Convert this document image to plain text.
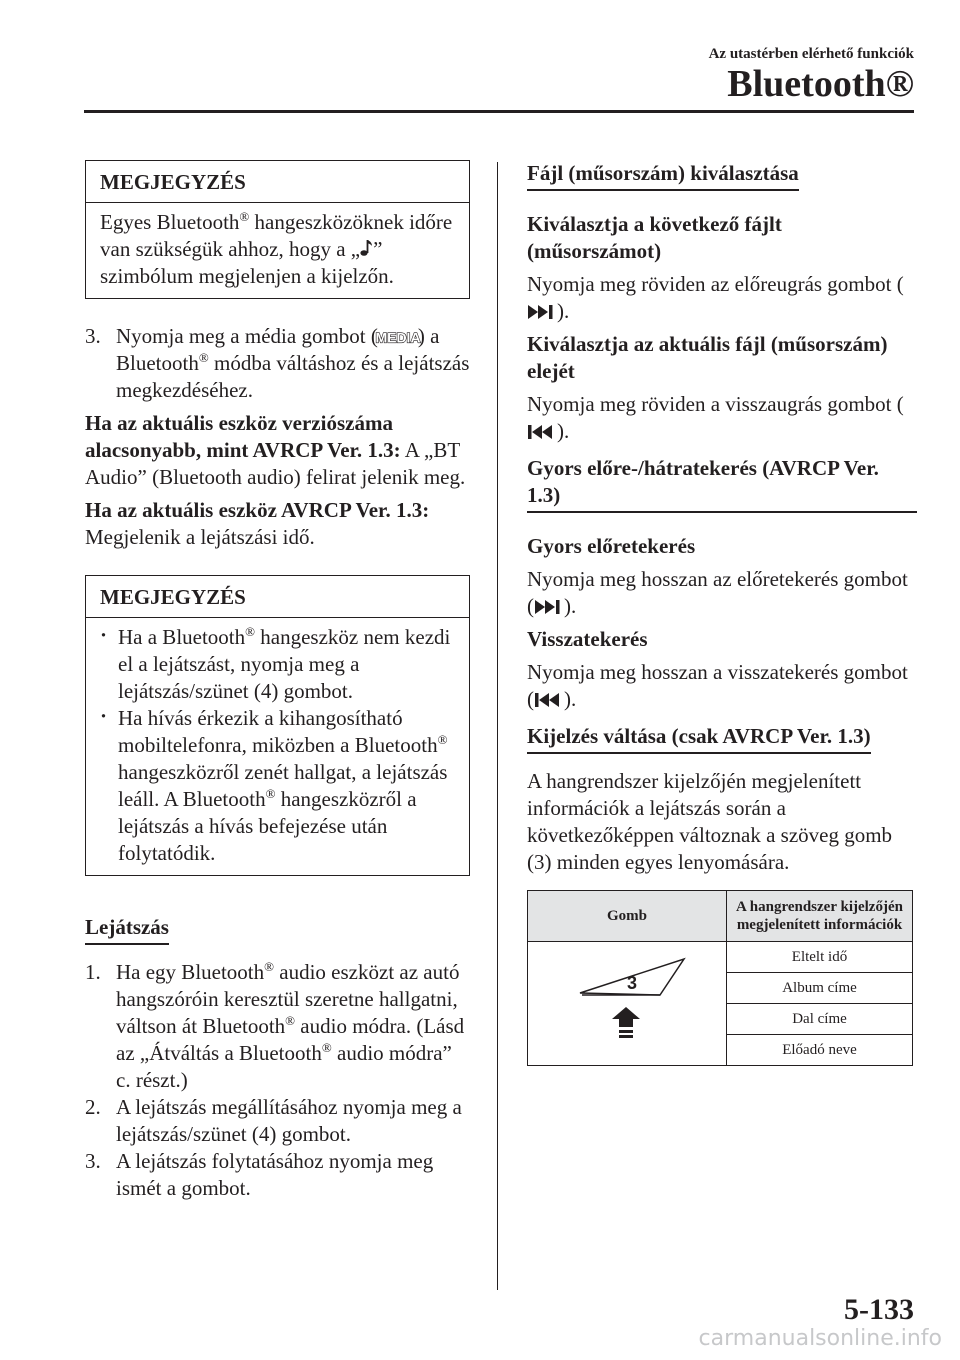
Az utastérben elérhető funkciók
Bluetooth®
MEGJEGYZÉS
Egyes Bluetooth® hangeszközöknek időre van szükségük ahhoz, hogy a „ ” szimbólum megjelenjen a kijelzőn.
3. Nyomja meg a média gombot (
MEDIA
) a Bluetooth® módba váltáshoz és a lejátszás megkezdéséhez.

Ha az aktuális eszköz verziószáma alacsonyabb, mint AVRCP Ver. 1.3: A „BT Audio” (Bluetooth audio) felirat jelenik meg.

Ha az aktuális eszköz AVRCP Ver. 1.3:
Megjelenik a lejátszási idő.

MEGJEGYZÉS
· Ha a Bluetooth® hangeszköz nem kezdi el a lejátszást, nyomja meg a lejátszás/szünet (4) gombot.
· Ha hívás érkezik a kihangosítható mobiltelefonra, miközben a Bluetooth® hangeszközről zenét hallgat, a lejátszás leáll. A Bluetooth® hangeszközről a lejátszás a hívás befejezése után folytatódik.
Lejátszás
1. Ha egy Bluetooth® audio eszközt az autó hangszóróin keresztül szeretne hallgatni, váltson át Bluetooth® audio módra. (Lásd az „Átváltás a Bluetooth® audio módra” c. részt.)
2. A lejátszás megállításához nyomja meg a lejátszás/szünet (4) gombot.
3. A lejátszás folytatásához nyomja meg ismét a gombot.
Fájl (műsorszám) kiválasztása
Kiválasztja a következő fájlt (műsorszámot)

Nyomja meg röviden az előreugrás gombot ().

Kiválasztja az aktuális fájl (műsorszám) elejét

Nyomja meg röviden a visszaugrás gombot ().

Gyors előre-/hátratekerés (AVRCP Ver. 1.3)
Gyors előretekerés

Nyomja meg hosszan az előretekerés gombot ( ).

Visszatekerés

Nyomja meg hosszan a visszatekerés gombot ( ).

Kijelzés váltása (csak AVRCP Ver. 1.3)

A hangrendszer kijelzőjén megjelenített információk a lejátszás során a következőképpen változnak a szöveg gomb (3) minden egyes lenyomására.

Gomb	A hangrendszer kijelzőjén megjelenített információk

3	Eltelt idő
	Album címe
	Dal címe
	Előadó neve
5-133
carmanualsonline.info
